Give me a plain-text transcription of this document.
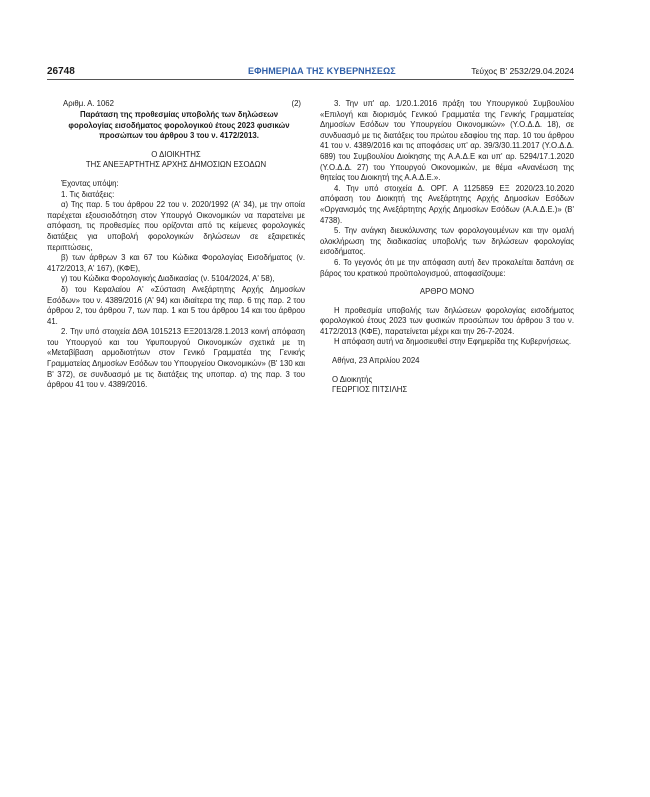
26748	ΕΦΗΜΕΡΙΔΑ ΤΗΣ ΚΥΒΕΡΝΗΣΕΩΣ	Τεύχος B' 2532/29.04.2024
Αριθμ. Α. 1062	(2)
Παράταση της προθεσμίας υποβολής των δηλώσεων φορολογίας εισοδήματος φορολογικού έτους 2023 φυσικών προσώπων του άρθρου 3 του ν. 4172/2013.

Ο ΔΙΟΙΚΗΤΗΣ

ΤΗΣ ΑΝΕΞΑΡΤΗΤΗΣ ΑΡΧΗΣ ΔΗΜΟΣΙΩΝ ΕΣΟΔΩΝ

Έχοντας υπόψη:

1. Τις διατάξεις:

α) Της παρ. 5 του άρθρου 22 του ν. 2020/1992 (Α' 34), με την οποία παρέχεται εξουσιοδότηση στον Υπουργό Οικονομικών να παρατείνει με απόφαση, τις προθεσμίες που ορίζονται από τις κείμενες φορολογικές διατάξεις για υποβολή φορολογικών δηλώσεων σε εξαιρετικές περιπτώσεις,

β) των άρθρων 3 και 67 του Κώδικα Φορολογίας Εισοδήματος (ν. 4172/2013, Α' 167), (ΚΦΕ),

γ) του Κώδικα Φορολογικής Διαδικασίας (ν. 5104/2024, Α' 58),

δ) του Κεφαλαίου Α' «Σύσταση Ανεξάρτητης Αρχής Δημοσίων Εσόδων» του ν. 4389/2016 (Α' 94) και ιδιαίτερα της παρ. 6 της παρ. 2 του άρθρου 2, του άρθρου 7, των παρ. 1 και 5 του άρθρου 14 και του άρθρου 41.

2. Την υπό στοιχεία ΔΘΑ 1015213 ΕΞ2013/28.1.2013 κοινή απόφαση του Υπουργού και του Υφυπουργού Οικονομικών σχετικά με τη «Μεταβίβαση αρμοδιοτήτων στον Γενικό Γραμματέα της Γενικής Γραμματείας Δημοσίων Εσόδων του Υπουργείου Οικονομικών» (Β' 130 και Β' 372), σε συνδυασμό με τις διατάξεις της υποπαρ. α) της παρ. 3 του άρθρου 41 του ν. 4389/2016.

3. Την υπ' αρ. 1/20.1.2016 πράξη του Υπουργικού Συμβουλίου «Επιλογή και διορισμός Γενικού Γραμματέα της Γενικής Γραμματείας Δημοσίων Εσόδων του Υπουργείου Οικονομικών» (Υ.Ο.Δ.Δ. 18), σε συνδυασμό με τις διατάξεις του πρώτου εδαφίου της παρ. 10 του άρθρου 41 του ν. 4389/2016 και τις αποφάσεις υπ' αρ. 39/3/30.11.2017 (Υ.Ο.Δ.Δ. 689) του Συμβουλίου Διοίκησης της Α.Α.Δ.Ε και υπ' αρ. 5294/17.1.2020 (Υ.Ο.Δ.Δ. 27) του Υπουργού Οικονομικών, με θέμα «Ανανέωση της θητείας του Διοικητή της Α.Α.Δ.Ε.».

4. Την υπό στοιχεία Δ. ΟΡΓ. Α 1125859 ΕΞ 2020/23.10.2020 απόφαση του Διοικητή της Ανεξάρτητης Αρχής Δημοσίων Εσόδων «Οργανισμός της Ανεξάρτητης Αρχής Δημοσίων Εσόδων (Α.Α.Δ.Ε.)» (Β' 4738).

5. Την ανάγκη διευκόλυνσης των φορολογουμένων και την ομαλή ολοκλήρωση της διαδικασίας υποβολής των δηλώσεων φορολογίας εισοδήματος.

6. Το γεγονός ότι με την απόφαση αυτή δεν προκαλείται δαπάνη σε βάρος του κρατικού προϋπολογισμού, αποφασίζουμε:

ΑΡΘΡΟ ΜΟΝΟ

Η προθεσμία υποβολής των δηλώσεων φορολογίας εισοδήματος φορολογικού έτους 2023 των φυσικών προσώπων του άρθρου 3 του ν. 4172/2013 (ΚΦΕ), παρατείνεται μέχρι και την 26-7-2024.

Η απόφαση αυτή να δημοσιευθεί στην Εφημερίδα της Κυβερνήσεως.

Αθήνα, 23 Απριλίου 2024

Ο Διοικητής

ΓΕΩΡΓΙΟΣ ΠΙΤΣΙΛΗΣ
